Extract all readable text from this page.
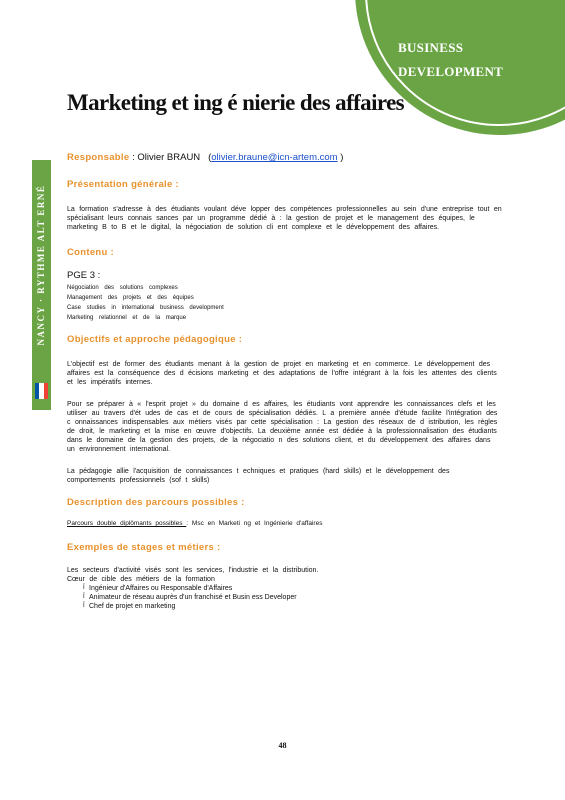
BUSINESS
DEVELOPMENT
Marketing et ing é nierie des affaires
NANCY · RYTHME ALT ERNÉ
Responsable : Olivier BRAUN (olivier.braune@icn-artem.com )
Présentation générale :

La formation s'adresse à des étudiants voulant déve lopper des compétences professionnelles au sein d'une entreprise tout en spécialisant leurs connais sances par un programme dédié à : la gestion de projet et le management des équipes, le marketing B to B et le digital, la négociation de solution cli ent complexe et le développement des affaires.

Contenu :
PGE 3 :
Négociation des solutions complexes
Management des projets et des équipes
Case studies in international business development
Marketing relationnel et de la marque
Objectifs et approche pédagogique :

L'objectif est de former des étudiants menant à la gestion de projet en marketing et en commerce. Le développement des affaires est la conséquence des d écisions marketing et des adaptations de l'offre intégrant à la fois les attentes des clients et les impératifs internes.

Pour se préparer à « l'esprit projet » du domaine d es affaires, les étudiants vont apprendre les connaissances clefs et les utiliser au travers d'ét udes de cas et de cours de spécialisation dédiés. L a première année d'étude facilite l'intégration des c onnaissances indispensables aux métiers visés par cette spécialisation : La gestion des réseaux de d istribution, les règles de droit, le marketing et la mise en œuvre d'objectifs. La deuxième année est dédiée à la professionnalisation des étudiants dans le domaine de la gestion des projets, de la négociatio n des solutions client, et du développement des affaires dans un environnement international.

La pédagogie allie l'acquisition de connaissances t echniques et pratiques (hard skills) et le développement des comportements professionnels (sof t skills)

Description des parcours possibles :
Parcours double diplômants possibles : Msc en Marketi ng et Ingénierie d'affaires
Exemples de stages et métiers :

Les secteurs d'activité visés sont les services, l'industrie et la distribution.

Cœur de cible des métiers de la formation

Ï Ingénieur d'Affaires ou Responsable d'Affaires
Ï Animateur de réseau auprès d'un franchisé et Busin ess Developer
Ï Chef de projet en marketing
48
